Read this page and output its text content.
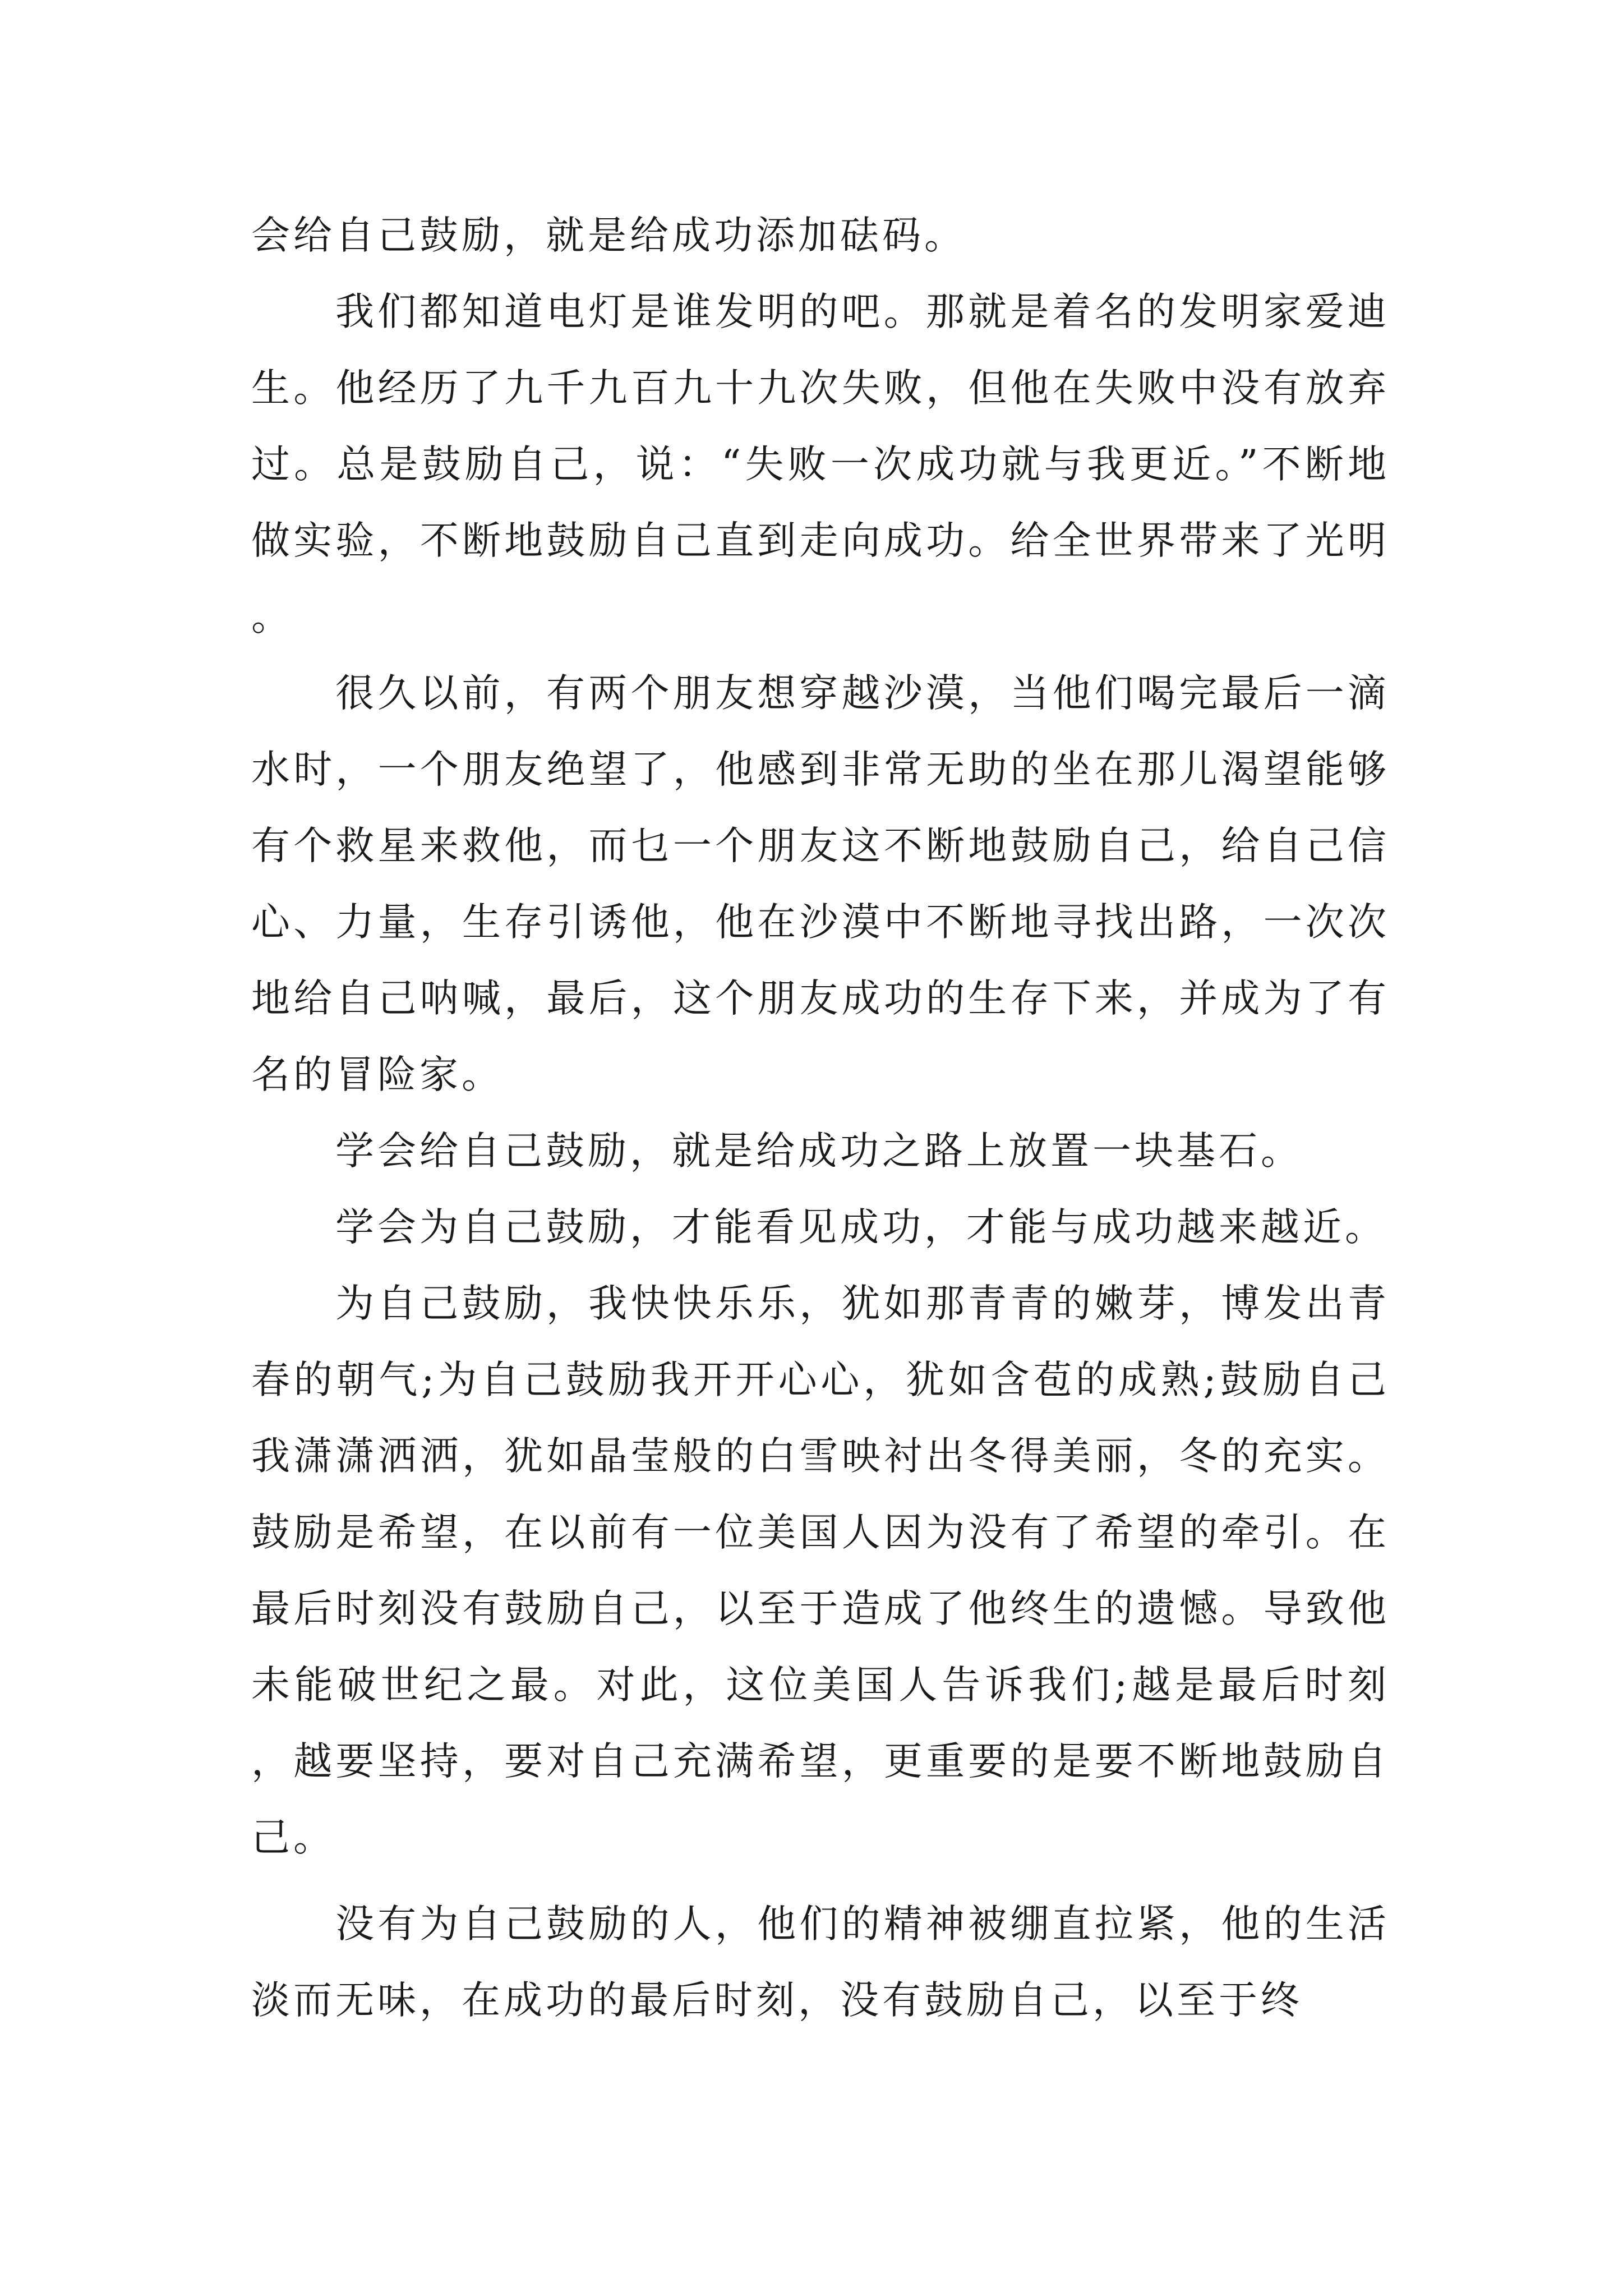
会给自己鼓励，就是给成功添加砝码。

我们都知道电灯是谁发明的吧。那就是着名的发明家爱迪生。他经历了九千九百九十九次失败，但他在失败中没有放弃过。总是鼓励自己，说：“失败一次成功就与我更近。”不断地做实验，不断地鼓励自己直到走向成功。给全世界带来了光明。

很久以前，有两个朋友想穿越沙漠，当他们喝完最后一滴水时，一个朋友绝望了，他感到非常无助的坐在那儿渴望能够有个救星来救他，而乜一个朋友这不断地鼓励自己，给自己信心、力量，生存引诱他，他在沙漠中不断地寻找出路，一次次地给自己呐喊，最后，这个朋友成功的生存下来，并成为了有名的冒险家。

学会给自己鼓励，就是给成功之路上放置一块基石。

学会为自己鼓励，才能看见成功，才能与成功越来越近。

为自己鼓励，我快快乐乐，犹如那青青的嫩芽，博发出青春的朝气;为自己鼓励我开开心心，犹如含苞的成熟;鼓励自己我潇潇洒洒，犹如晶莹般的白雪映衬出冬得美丽，冬的充实。鼓励是希望，在以前有一位美国人因为没有了希望的牵引。在最后时刻没有鼓励自己，以至于造成了他终生的遗憾。导致他未能破世纪之最。对此，这位美国人告诉我们;越是最后时刻，越要坚持，要对自己充满希望，更重要的是要不断地鼓励自己。

没有为自己鼓励的人，他们的精神被绷直拉紧，他的生活淡而无味，在成功的最后时刻，没有鼓励自己，以至于终
